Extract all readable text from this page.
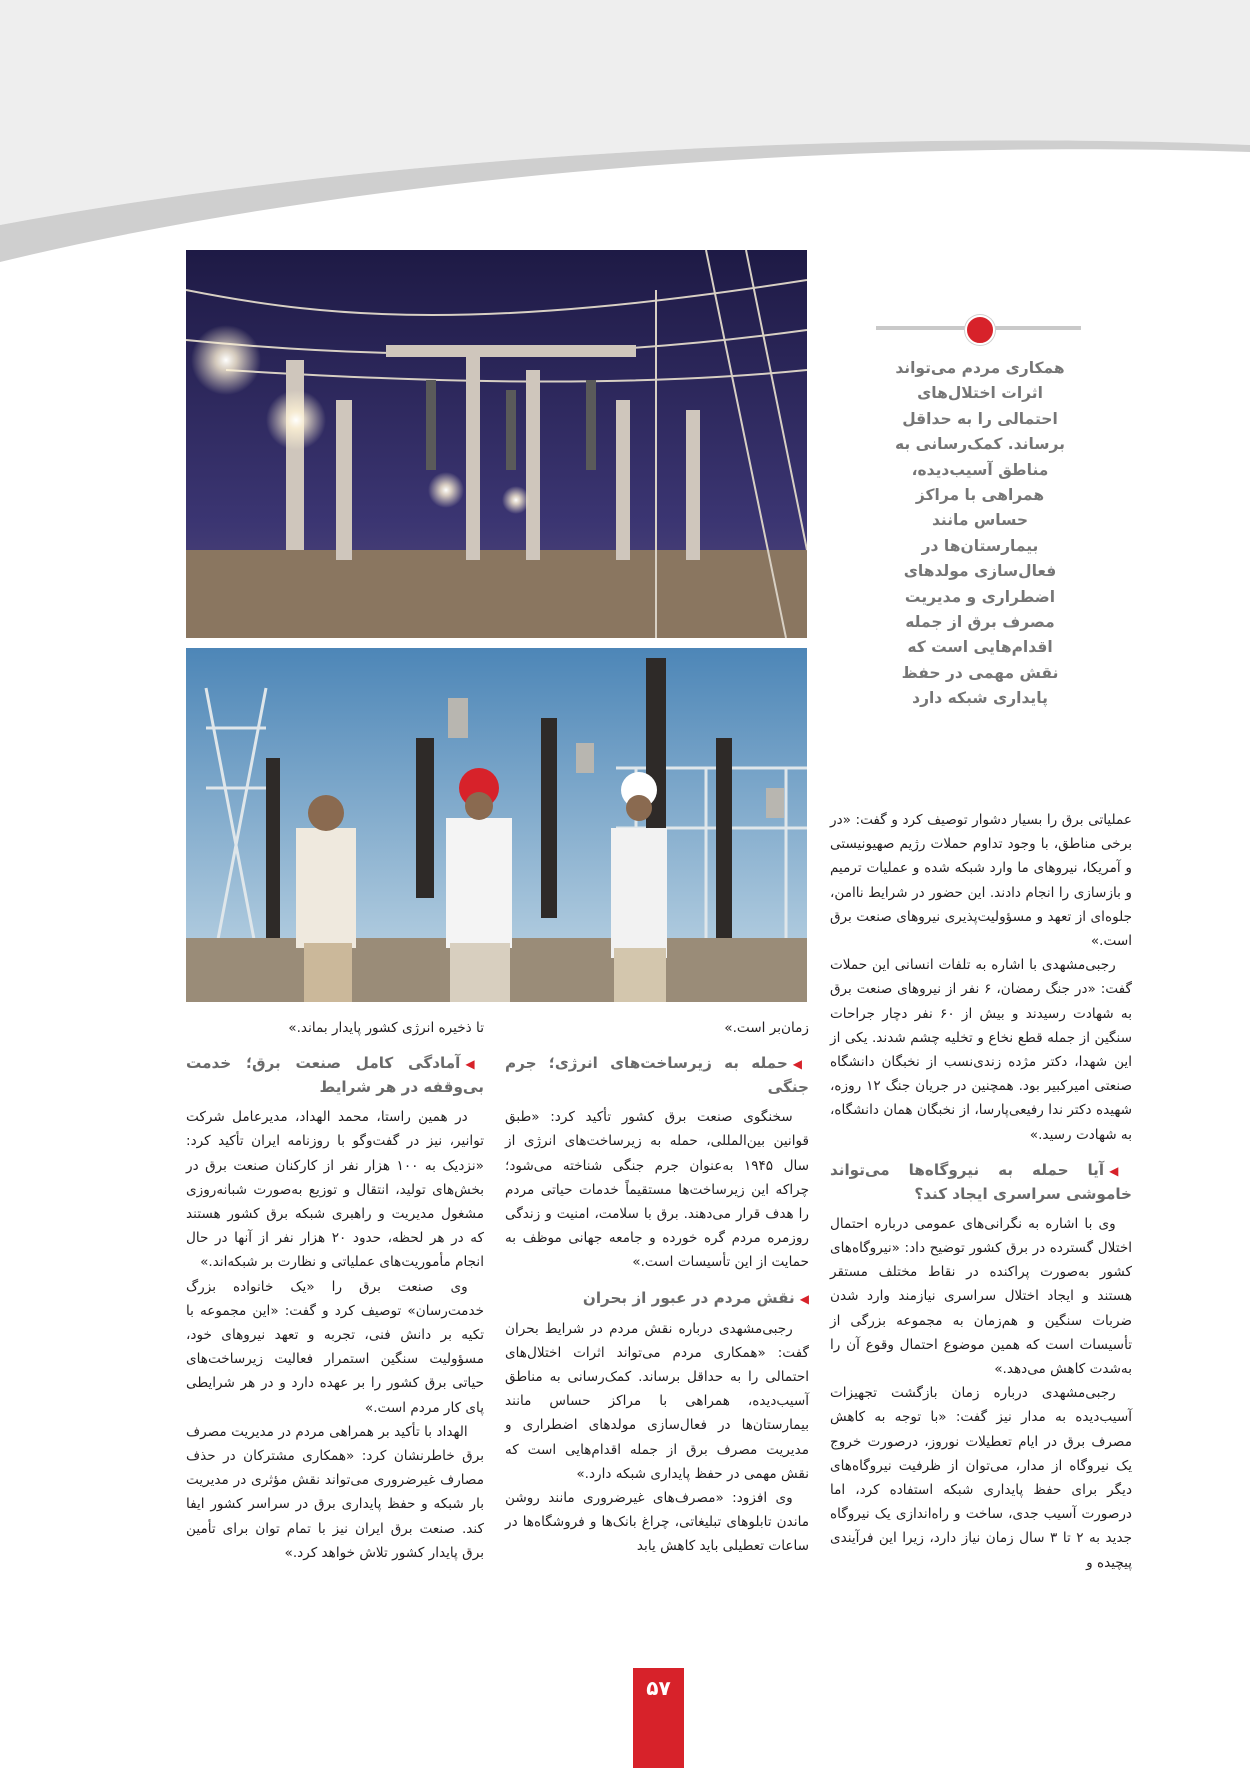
همکاری مردم می‌تواند اثرات اختلال‌های احتمالی را به حداقل برساند. کمک‌رسانی به مناطق آسیب‌دیده، همراهی با مراکز حساس مانند بیمارستان‌ها در فعال‌سازی مولدهای اضطراری و مدیریت مصرف برق از جمله اقدام‌هایی است که نقش مهمی در حفظ پایداری شبکه دارد

عملیاتی برق را بسیار دشوار توصیف کرد و گفت: «در برخی مناطق، با وجود تداوم حملات رژیم صهیونیستی و آمریکا، نیروهای ما وارد شبکه شده و عملیات ترمیم و بازسازی را انجام دادند. این حضور در شرایط ناامن، جلوه‌ای از تعهد و مسؤولیت‌پذیری نیروهای صنعت برق است.»

رجبی‌مشهدی با اشاره به تلفات انسانی این حملات گفت: «در جنگ رمضان، ۶ نفر از نیروهای صنعت برق به شهادت رسیدند و بیش از ۶۰ نفر دچار جراحات سنگین از جمله قطع نخاع و تخلیه چشم شدند. یکی از این شهدا، دکتر مژده زندی‌نسب از نخبگان دانشگاه صنعتی امیرکبیر بود. همچنین در جریان جنگ ۱۲ روزه، شهیده دکتر ندا رفیعی‌پارسا، از نخبگان همان دانشگاه، به شهادت رسید.»

◀آیا حمله به نیروگاه‌ها می‌تواند خاموشی سراسری ایجاد کند؟

وی با اشاره به نگرانی‌های عمومی درباره احتمال اختلال گسترده در برق کشور توضیح داد: «نیروگاه‌های کشور به‌صورت پراکنده در نقاط مختلف مستقر هستند و ایجاد اختلال سراسری نیازمند وارد شدن ضربات سنگین و هم‌زمان به مجموعه بزرگی از تأسیسات است که همین موضوع احتمال وقوع آن را به‌شدت کاهش می‌دهد.»

رجبی‌مشهدی درباره زمان بازگشت تجهیزات آسیب‌دیده به مدار نیز گفت: «با توجه به کاهش مصرف برق در ایام تعطیلات نوروز، درصورت خروج یک نیروگاه از مدار، می‌توان از ظرفیت نیروگاه‌های دیگر برای حفظ پایداری شبکه استفاده کرد، اما درصورت آسیب جدی، ساخت و راه‌اندازی یک نیروگاه جدید به ۲ تا ۳ سال زمان نیاز دارد، زیرا این فرآیندی پیچیده و

زمان‌بر است.»

◀حمله به زیرساخت‌های انرژی؛ جرم جنگی

سخنگوی صنعت برق کشور تأکید کرد: «طبق قوانین بین‌المللی، حمله به زیرساخت‌های انرژی از سال ۱۹۴۵ به‌عنوان جرم جنگی شناخته می‌شود؛ چراکه این زیرساخت‌ها مستقیماً خدمات حیاتی مردم را هدف قرار می‌دهند. برق با سلامت، امنیت و زندگی روزمره مردم گره خورده و جامعه جهانی موظف به حمایت از این تأسیسات است.»

◀نقش مردم در عبور از بحران

رجبی‌مشهدی درباره نقش مردم در شرایط بحران گفت: «همکاری مردم می‌تواند اثرات اختلال‌های احتمالی را به حداقل برساند. کمک‌رسانی به مناطق آسیب‌دیده، همراهی با مراکز حساس مانند بیمارستان‌ها در فعال‌سازی مولدهای اضطراری و مدیریت مصرف برق از جمله اقدام‌هایی است که نقش مهمی در حفظ پایداری شبکه دارد.»

وی افزود: «مصرف‌های غیرضروری مانند روشن ماندن تابلوهای تبلیغاتی، چراغ بانک‌ها و فروشگاه‌ها در ساعات تعطیلی باید کاهش یابد

تا ذخیره انرژی کشور پایدار بماند.»

◀آمادگی کامل صنعت برق؛ خدمت بی‌وقفه در هر شرایط

در همین راستا، محمد الهداد، مدیرعامل شرکت توانیر، نیز در گفت‌وگو با روزنامه ایران تأکید کرد: «نزدیک به ۱۰۰ هزار نفر از کارکنان صنعت برق در بخش‌های تولید، انتقال و توزیع به‌صورت شبانه‌روزی مشغول مدیریت و راهبری شبکه برق کشور هستند که در هر لحظه، حدود ۲۰ هزار نفر از آنها در حال انجام مأموریت‌های عملیاتی و نظارت بر شبکه‌اند.»

وی صنعت برق را «یک خانواده بزرگ خدمت‌رسان» توصیف کرد و گفت: «این مجموعه با تکیه بر دانش فنی، تجربه و تعهد نیروهای خود، مسؤولیت سنگین استمرار فعالیت زیرساخت‌های حیاتی برق کشور را بر عهده دارد و در هر شرایطی پای کار مردم است.»

الهداد با تأکید بر همراهی مردم در مدیریت مصرف برق خاطرنشان کرد: «همکاری مشترکان در حذف مصارف غیرضروری می‌تواند نقش مؤثری در مدیریت بار شبکه و حفظ پایداری برق در سراسر کشور ایفا کند. صنعت برق ایران نیز با تمام توان برای تأمین برق پایدار کشور تلاش خواهد کرد.»

۵۷
